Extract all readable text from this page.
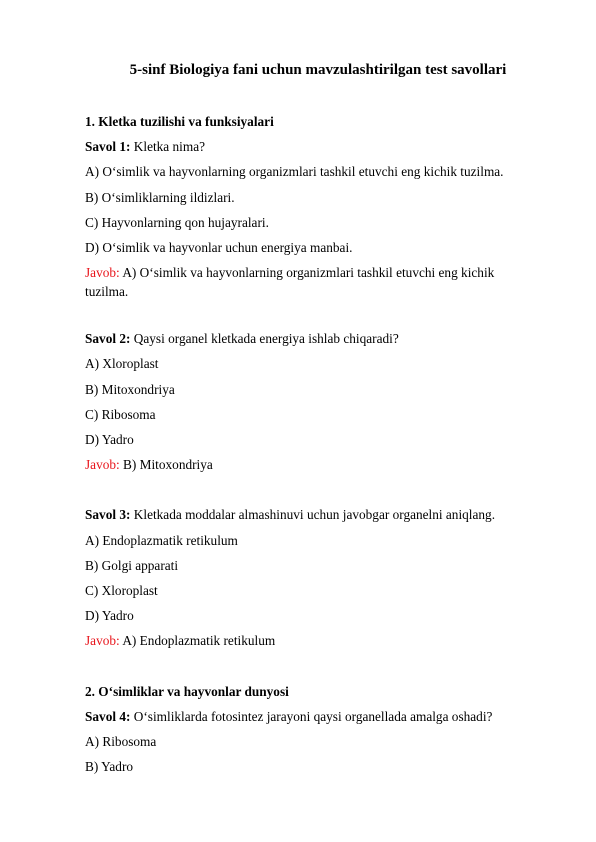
5-sinf Biologiya fani uchun mavzulashtirilgan test savollari
1. Kletka tuzilishi va funksiyalari
Savol 1: Kletka nima?
A) O‘simlik va hayvonlarning organizmlari tashkil etuvchi eng kichik tuzilma.
B) O‘simliklarning ildizlari.
C) Hayvonlarning qon hujayralari.
D) O‘simlik va hayvonlar uchun energiya manbai.
Javob: A) O‘simlik va hayvonlarning organizmlari tashkil etuvchi eng kichik tuzilma.
Savol 2: Qaysi organel kletkada energiya ishlab chiqaradi?
A) Xloroplast
B) Mitoxondriya
C) Ribosoma
D) Yadro
Javob: B) Mitoxondriya
Savol 3: Kletkada moddalar almashinuvi uchun javobgar organelni aniqlang.
A) Endoplazmatik retikulum
B) Golgi apparati
C) Xloroplast
D) Yadro
Javob: A) Endoplazmatik retikulum
2. O‘simliklar va hayvonlar dunyosi
Savol 4: O‘simliklarda fotosintez jarayoni qaysi organellada amalga oshadi?
A) Ribosoma
B) Yadro
